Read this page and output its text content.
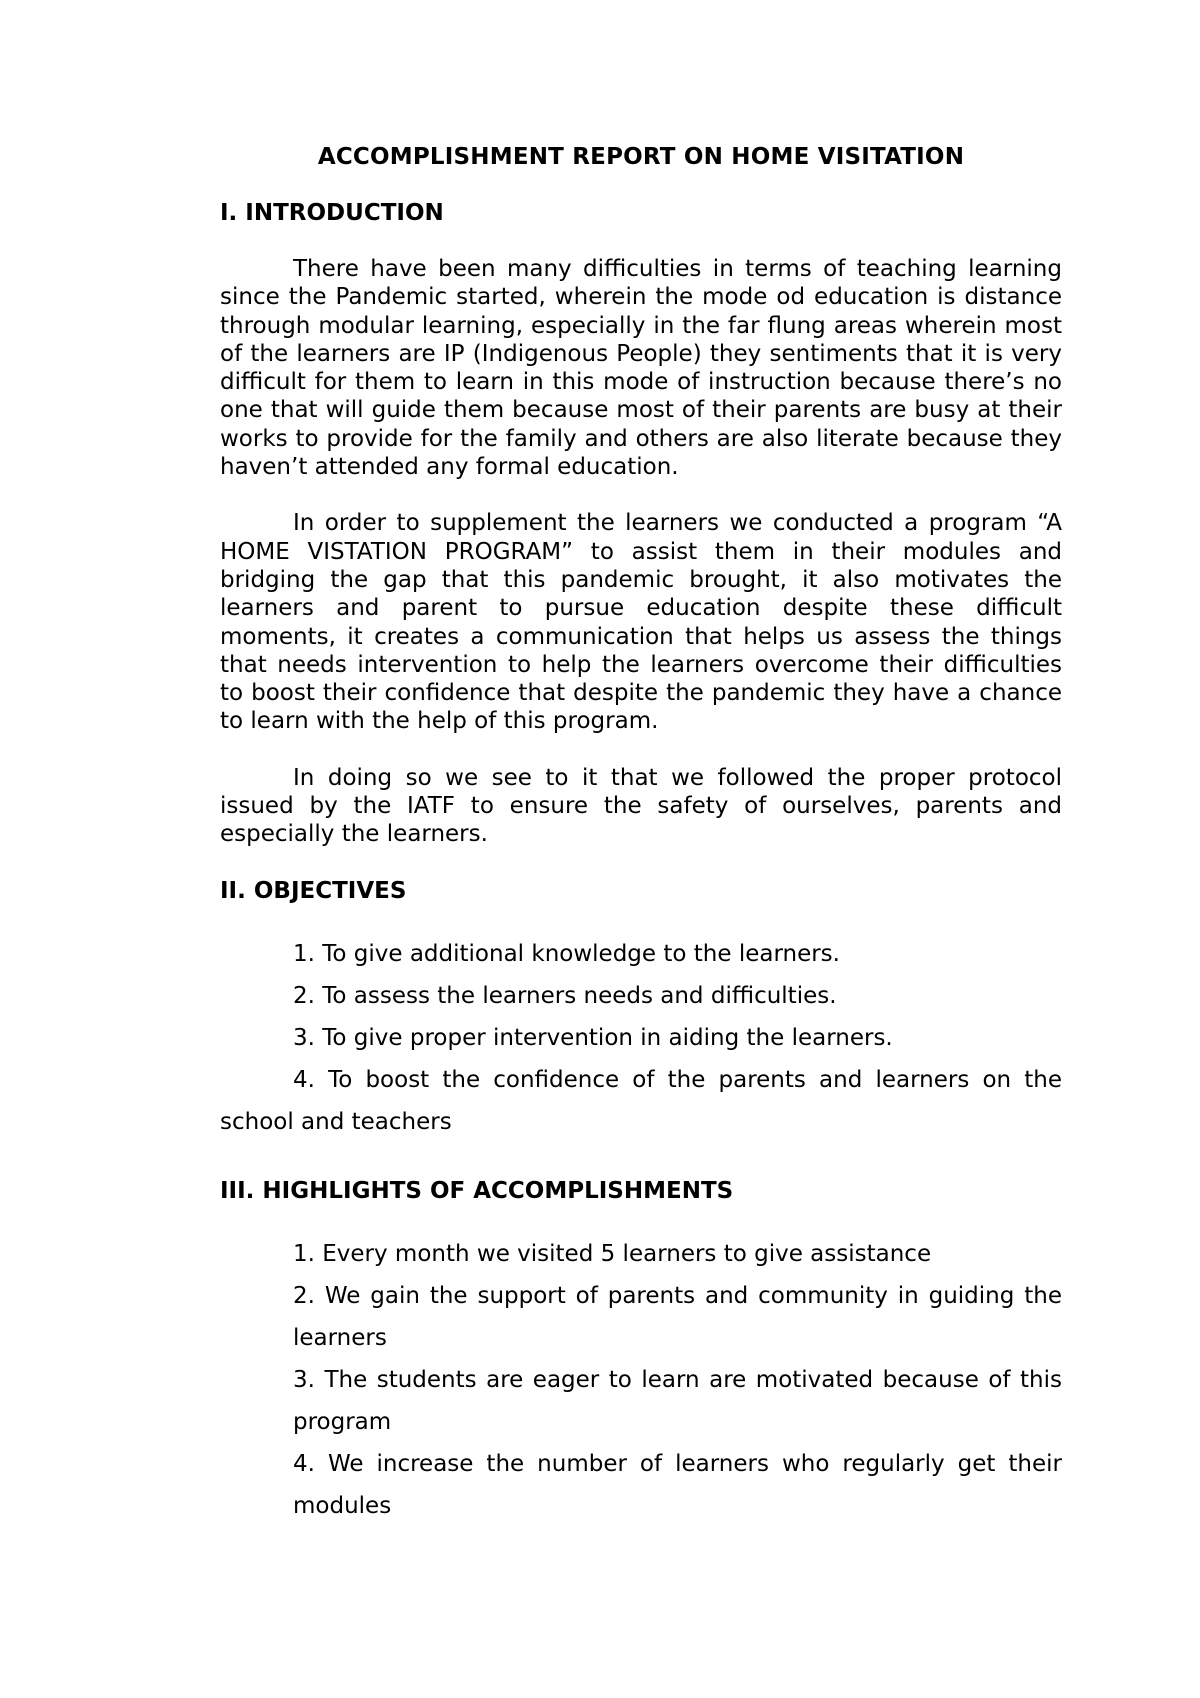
ACCOMPLISHMENT REPORT ON HOME VISITATION
I. INTRODUCTION

There have been many difficulties in terms of teaching learning since the Pandemic started, wherein the mode od education is distance through modular learning, especially in the far flung areas wherein most of the learners are IP (Indigenous People) they sentiments that it is very difficult for them to learn in this mode of instruction because there’s no one that will guide them because most of their parents are busy at their works to provide for the family and others are also literate because they haven’t attended any formal education.

In order to supplement the learners we conducted a program “A HOME VISTATION PROGRAM” to assist them in their modules and bridging the gap that this pandemic brought, it also motivates the learners and parent to pursue education despite these difficult moments, it creates a communication that helps us assess the things that needs intervention to help the learners overcome their difficulties to boost their confidence that despite the pandemic they have a chance to learn with the help of this program.

In doing so we see to it that we followed the proper protocol issued by the IATF to ensure the safety of ourselves, parents and especially the learners.

II. OBJECTIVES
1. To give additional knowledge to the learners.
2. To assess the learners needs and difficulties.
3. To give proper intervention in aiding the learners.
4. To boost the confidence of the parents and learners on the school and teachers
III. HIGHLIGHTS OF ACCOMPLISHMENTS
1. Every month we visited 5 learners to give assistance
2. We gain the support of parents and community in guiding the learners
3. The students are eager to learn are motivated because of this program
4. We increase the number of learners who regularly get their modules
